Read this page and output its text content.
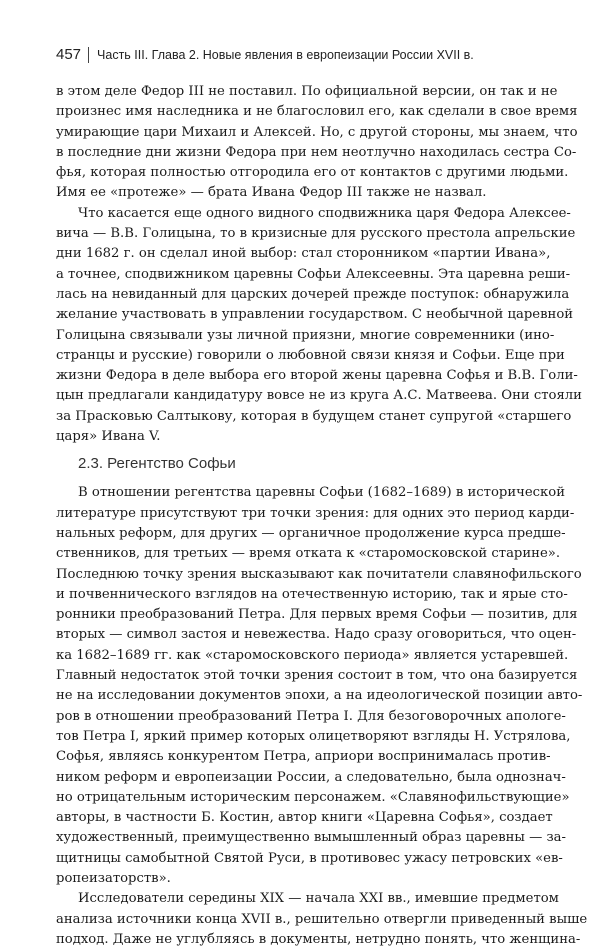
457 Часть III. Глава 2. Новые явления в европеизации России XVII в.
в этом деле Федор III не поставил. По официальной версии, он так и не
произнес имя наследника и не благословил его, как сделали в свое время
умирающие цари Михаил и Алексей. Но, с другой стороны, мы знаем, что
в последние дни жизни Федора при нем неотлучно находилась сестра Со-
фья, которая полностью отгородила его от контактов с другими людьми.
Имя ее «протеже» — брата Ивана Федор III также не назвал.
Что касается еще одного видного сподвижника царя Федора Алексее-
вича — В.В. Голицына, то в кризисные для русского престола апрельские
дни 1682 г. он сделал иной выбор: стал сторонником «партии Ивана»,
а точнее, сподвижником царевны Софьи Алексеевны. Эта царевна реши-
лась на невиданный для царских дочерей прежде поступок: обнаружила
желание участвовать в управлении государством. С необычной царевной
Голицына связывали узы личной приязни, многие современники (ино-
странцы и русские) говорили о любовной связи князя и Софьи. Еще при
жизни Федора в деле выбора его второй жены царевна Софья и В.В. Голи-
цын предлагали кандидатуру вовсе не из круга А.С. Матвеева. Они стояли
за Прасковью Салтыкову, которая в будущем станет супругой «старшего
царя» Ивана V.
2.3. Регентство Софьи
В отношении регентства царевны Софьи (1682–1689) в исторической
литературе присутствуют три точки зрения: для одних это период карди-
нальных реформ, для других — органичное продолжение курса предше-
ственников, для третьих — время отката к «старомосковской старине».
Последнюю точку зрения высказывают как почитатели славянофильского
и почвеннического взглядов на отечественную историю, так и ярые сто-
ронники преобразований Петра. Для первых время Софьи — позитив, для
вторых — символ застоя и невежества. Надо сразу оговориться, что оцен-
ка 1682–1689 гг. как «старомосковского периода» является устаревшей.
Главный недостаток этой точки зрения состоит в том, что она базируется
не на исследовании документов эпохи, а на идеологической позиции авто-
ров в отношении преобразований Петра I. Для безоговорочных апологе-
тов Петра I, яркий пример которых олицетворяют взгляды Н. Устрялова,
Софья, являясь конкурентом Петра, априори воспринималась против-
ником реформ и европеизации России, а следовательно, была однознач-
но отрицательным историческим персонажем. «Славянофильствующие»
авторы, в частности Б. Костин, автор книги «Царевна Софья», создает
художественный, преимущественно вымышленный образ царевны — за-
щитницы самобытной Святой Руси, в противовес ужасу петровских «ев-
ропеизаторств».
Исследователи середины XIX — начала XXI вв., имевшие предметом
анализа источники конца XVII в., решительно отвергли приведенный выше
подход. Даже не углубляясь в документы, нетрудно понять, что женщина-
